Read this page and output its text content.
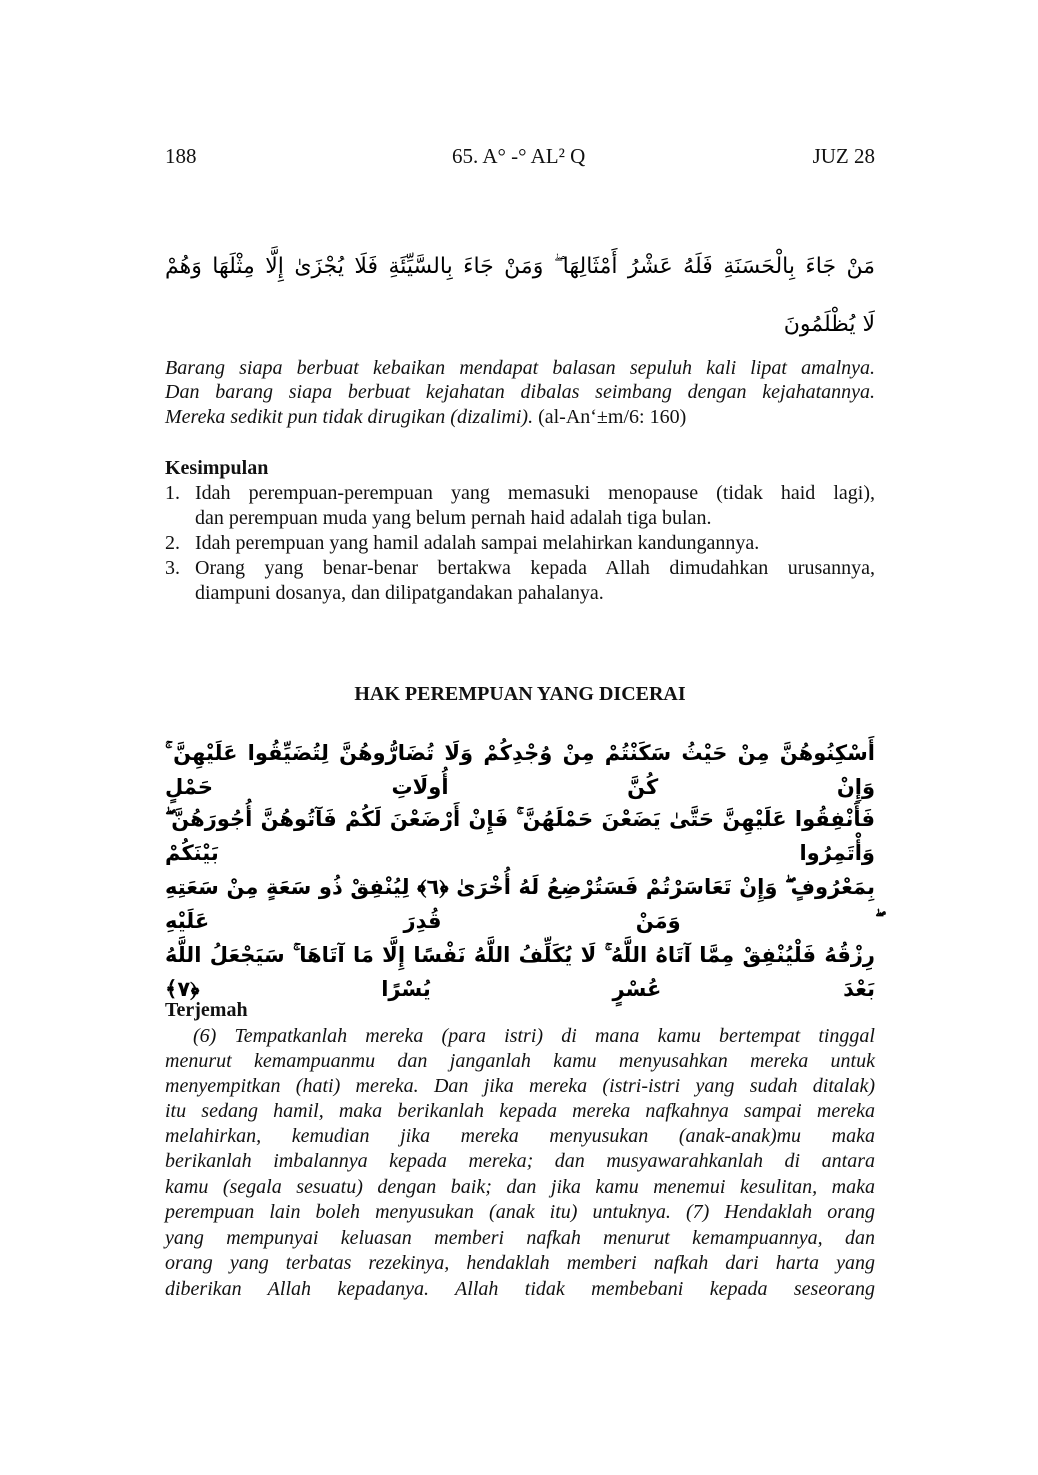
188	65. A° -° AL² Q	JUZ 28
مَنْ جَاءَ بِالْحَسَنَةِ فَلَهُ عَشْرُ أَمْثَالِهَا ۖ وَمَنْ جَاءَ بِالسَّيِّئَةِ فَلَا يُجْزَىٰ إِلَّا مِثْلَهَا وَهُمْ
لَا يُظْلَمُونَ
Barang siapa berbuat kebaikan mendapat balasan sepuluh kali lipat amalnya.
Dan barang siapa berbuat kejahatan dibalas seimbang dengan kejahatannya.
Mereka sedikit pun tidak dirugikan (dizalimi). (al-An‘±m/6: 160)
Kesimpulan
1. Idah perempuan-perempuan yang memasuki menopause (tidak haid lagi),
dan perempuan muda yang belum pernah haid adalah tiga bulan.
2. Idah perempuan yang hamil adalah sampai melahirkan kandungannya.
3. Orang yang benar-benar bertakwa kepada Allah dimudahkan urusannya,
diampuni dosanya, dan dilipatgandakan pahalanya.
HAK PEREMPUAN YANG DICERAI
أَسْكِنُوهُنَّ مِنْ حَيْثُ سَكَنْتُمْ مِنْ وُجْدِكُمْ وَلَا تُضَارُّوهُنَّ لِتُضَيِّقُوا عَلَيْهِنَّ ۚ وَإِنْ كُنَّ أُولَاتِ حَمْلٍ
فَأَنْفِقُوا عَلَيْهِنَّ حَتَّىٰ يَضَعْنَ حَمْلَهُنَّ ۚ فَإِنْ أَرْضَعْنَ لَكُمْ فَآتُوهُنَّ أُجُورَهُنَّ ۖ وَأْتَمِرُوا بَيْنَكُمْ
بِمَعْرُوفٍ ۖ وَإِنْ تَعَاسَرْتُمْ فَسَتُرْضِعُ لَهُ أُخْرَىٰ ﴿٦﴾ لِيُنْفِقْ ذُو سَعَةٍ مِنْ سَعَتِهِ ۖ وَمَنْ قُدِرَ عَلَيْهِ
رِزْقُهُ فَلْيُنْفِقْ مِمَّا آتَاهُ اللَّهُ ۚ لَا يُكَلِّفُ اللَّهُ نَفْسًا إِلَّا مَا آتَاهَا ۚ سَيَجْعَلُ اللَّهُ بَعْدَ عُسْرٍ يُسْرًا ﴿٧﴾
Terjemah
(6) Tempatkanlah mereka (para istri) di mana kamu bertempat tinggal
menurut kemampuanmu dan janganlah kamu menyusahkan mereka untuk
menyempitkan (hati) mereka. Dan jika mereka (istri-istri yang sudah ditalak)
itu sedang hamil, maka berikanlah kepada mereka nafkahnya sampai mereka
melahirkan, kemudian jika mereka menyusukan (anak-anak)mu maka
berikanlah imbalannya kepada mereka; dan musyawarahkanlah di antara
kamu (segala sesuatu) dengan baik; dan jika kamu menemui kesulitan, maka
perempuan lain boleh menyusukan (anak itu) untuknya. (7) Hendaklah orang
yang mempunyai keluasan memberi nafkah menurut kemampuannya, dan
orang yang terbatas rezekinya, hendaklah memberi nafkah dari harta yang
diberikan Allah kepadanya. Allah tidak membebani kepada seseorang
